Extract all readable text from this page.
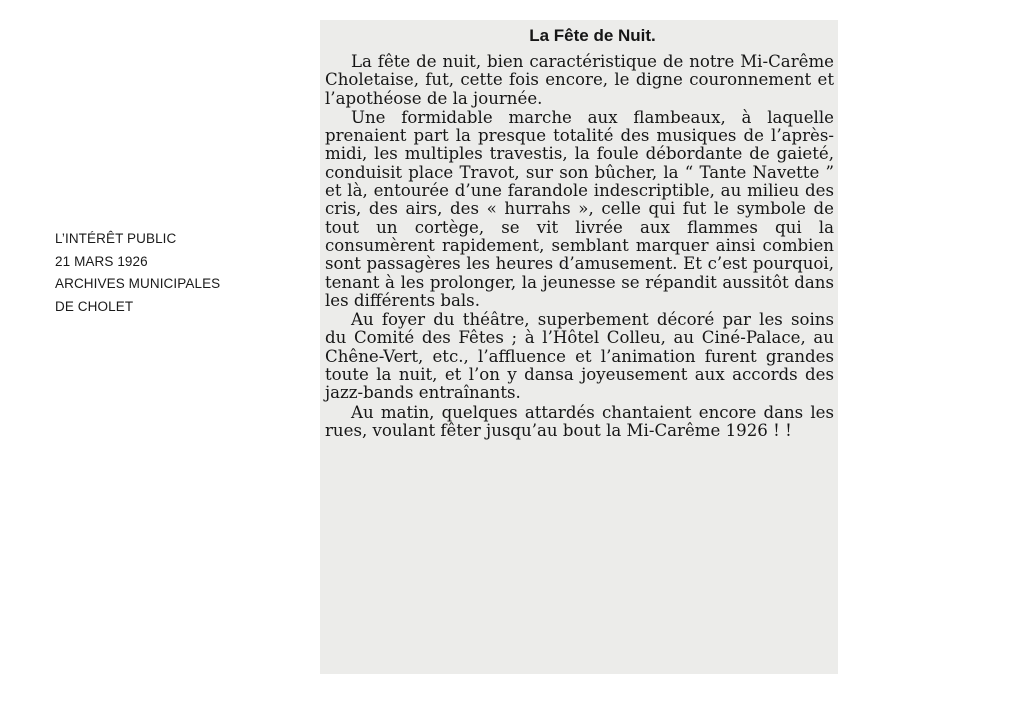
L’INTÉRÊT PUBLIC
21 MARS 1926
ARCHIVES MUNICIPALES
DE CHOLET
La Fête de Nuit.

La fête de nuit, bien caractéristique de notre Mi-Carême Choletaise, fut, cette fois encore, le digne couronnement et l’apothéose de la journée.

Une formidable marche aux flambeaux, à laquelle prenaient part la presque totalité des musiques de l’après-midi, les multiples travestis, la foule débordante de gaieté, conduisit place Travot, sur son bûcher, la “ Tante Navette ” et là, entourée d’une farandole indescriptible, au milieu des cris, des airs, des « hurrahs », celle qui fut le symbole de tout un cortège, se vit livrée aux flammes qui la consumèrent rapidement, semblant marquer ainsi combien sont passagères les heures d’amusement. Et c’est pourquoi, tenant à les prolonger, la jeunesse se répandit aussitôt dans les différents bals.

Au foyer du théâtre, superbement décoré par les soins du Comité des Fêtes ; à l’Hôtel Colleu, au Ciné-Palace, au Chêne-Vert, etc., l’affluence et l’animation furent grandes toute la nuit, et l’on y dansa joyeusement aux accords des jazz-bands entraînants.

Au matin, quelques attardés chantaient encore dans les rues, voulant fêter jusqu’au bout la Mi-Carême 1926 ! !
